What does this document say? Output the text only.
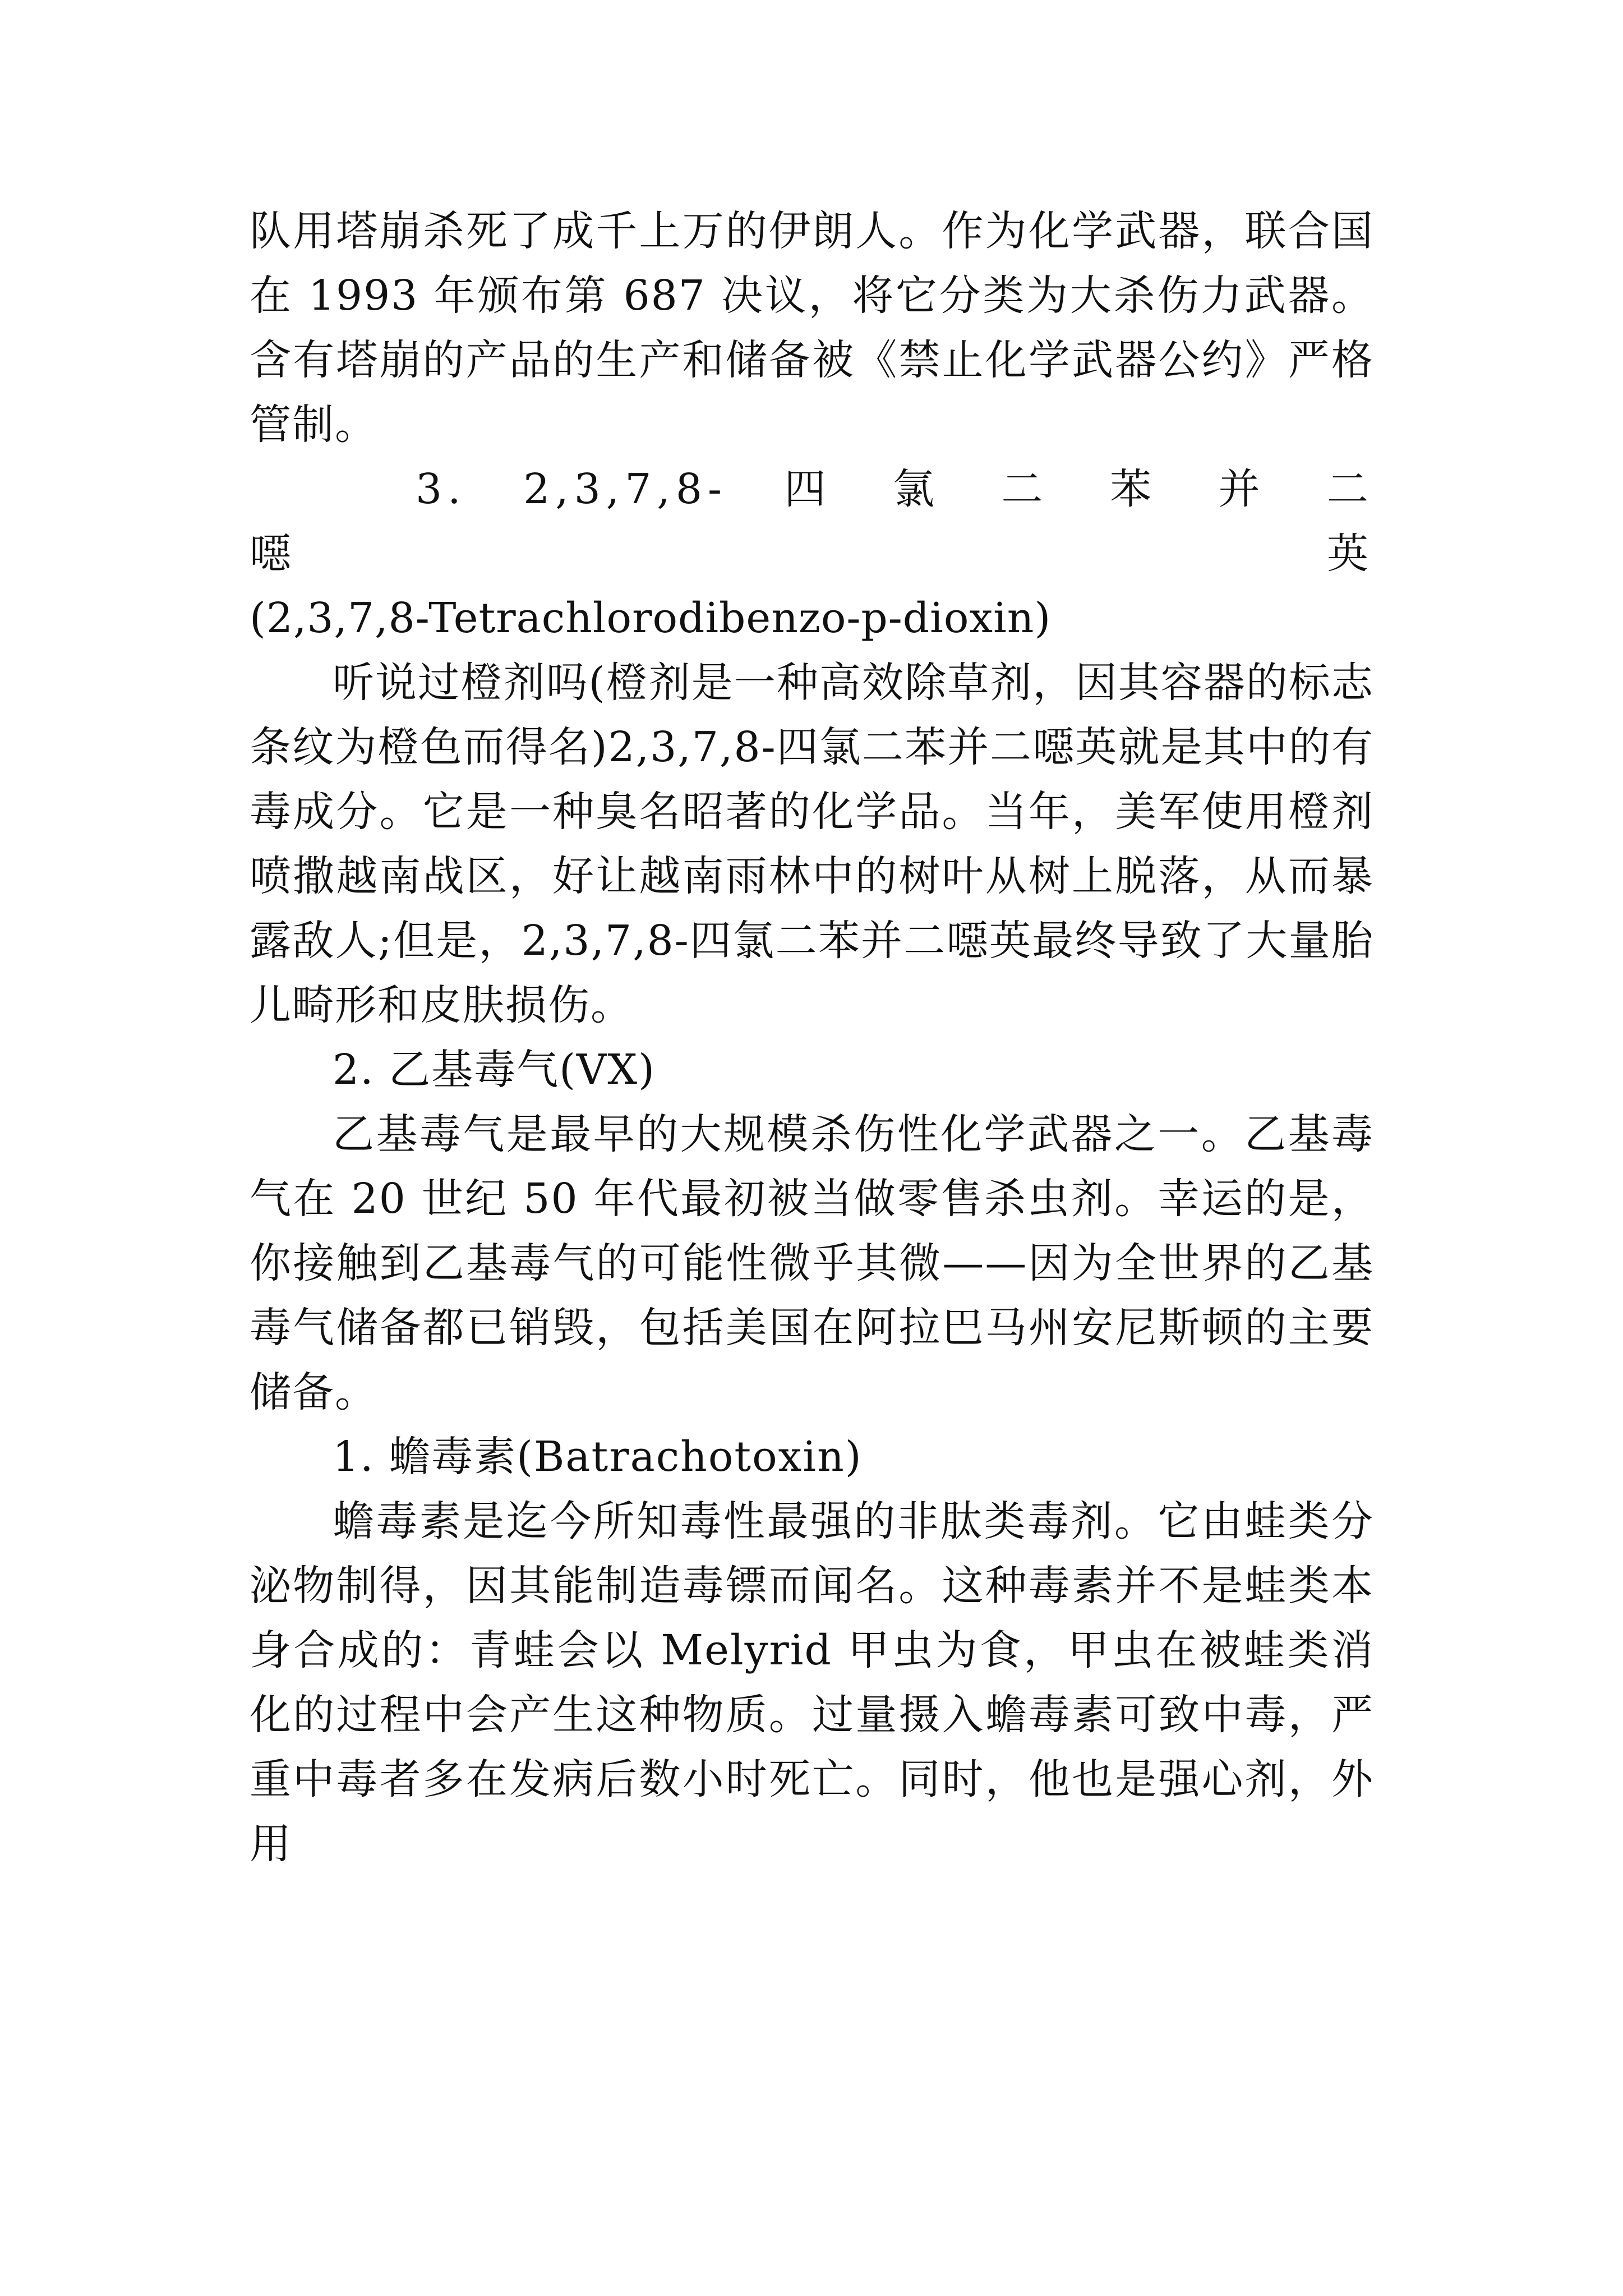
队用塔崩杀死了成千上万的伊朗人。作为化学武器，联合国在 1993 年颁布第 687 决议，将它分类为大杀伤力武器。含有塔崩的产品的生产和储备被《禁止化学武器公约》严格管制。

3. 2,3,7,8- 四 氯 二 苯 并 二 噁 英

(2,3,7,8-Tetrachlorodibenzo-p-dioxin)

听说过橙剂吗(橙剂是一种高效除草剂，因其容器的标志条纹为橙色而得名)2,3,7,8-四氯二苯并二噁英就是其中的有毒成分。它是一种臭名昭著的化学品。当年，美军使用橙剂喷撒越南战区，好让越南雨林中的树叶从树上脱落，从而暴露敌人;但是，2,3,7,8-四氯二苯并二噁英最终导致了大量胎儿畸形和皮肤损伤。

2. 乙基毒气(VX)

乙基毒气是最早的大规模杀伤性化学武器之一。乙基毒气在 20 世纪 50 年代最初被当做零售杀虫剂。幸运的是，你接触到乙基毒气的可能性微乎其微——因为全世界的乙基毒气储备都已销毁，包括美国在阿拉巴马州安尼斯顿的主要储备。

1. 蟾毒素(Batrachotoxin)

蟾毒素是迄今所知毒性最强的非肽类毒剂。它由蛙类分泌物制得，因其能制造毒镖而闻名。这种毒素并不是蛙类本身合成的：青蛙会以 Melyrid 甲虫为食，甲虫在被蛙类消化的过程中会产生这种物质。过量摄入蟾毒素可致中毒，严重中毒者多在发病后数小时死亡。同时，他也是强心剂，外用
